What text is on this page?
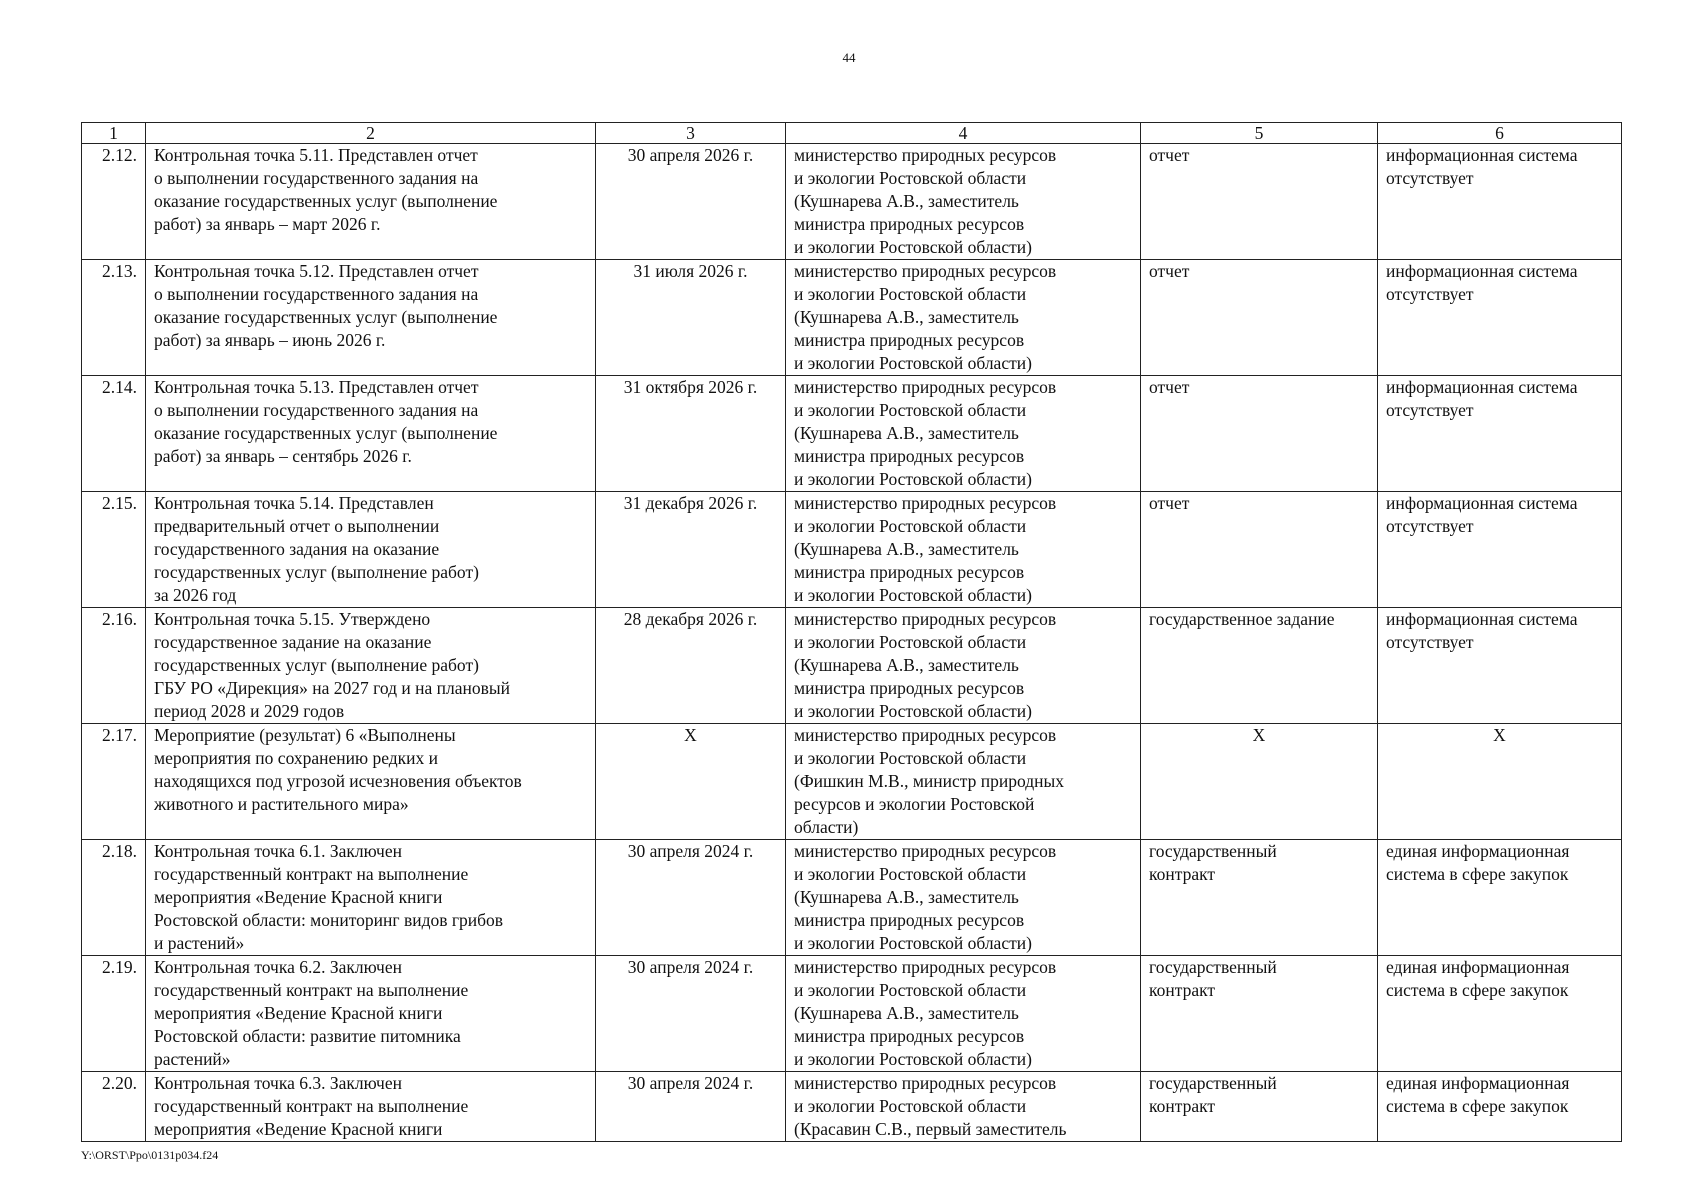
44
1	2	3	4	5	6
2.12.	Контрольная точка 5.11. Представлен отчет
о выполнении государственного задания на
оказание государственных услуг (выполнение
работ) за январь – март 2026 г.	30 апреля 2026 г.	министерство природных ресурсов
и экологии Ростовской области
(Кушнарева А.В., заместитель
министра природных ресурсов
и экологии Ростовской области)	отчет	информационная система
отсутствует
2.13.	Контрольная точка 5.12. Представлен отчет
о выполнении государственного задания на
оказание государственных услуг (выполнение
работ) за январь – июнь 2026 г.	31 июля 2026 г.	министерство природных ресурсов
и экологии Ростовской области
(Кушнарева А.В., заместитель
министра природных ресурсов
и экологии Ростовской области)	отчет	информационная система
отсутствует
2.14.	Контрольная точка 5.13. Представлен отчет
о выполнении государственного задания на
оказание государственных услуг (выполнение
работ) за январь – сентябрь 2026 г.	31 октября 2026 г.	министерство природных ресурсов
и экологии Ростовской области
(Кушнарева А.В., заместитель
министра природных ресурсов
и экологии Ростовской области)	отчет	информационная система
отсутствует
2.15.	Контрольная точка 5.14. Представлен
предварительный отчет о выполнении
государственного задания на оказание
государственных услуг (выполнение работ)
за 2026 год	31 декабря 2026 г.	министерство природных ресурсов
и экологии Ростовской области
(Кушнарева А.В., заместитель
министра природных ресурсов
и экологии Ростовской области)	отчет	информационная система
отсутствует
2.16.	Контрольная точка 5.15. Утверждено
государственное задание на оказание
государственных услуг (выполнение работ)
ГБУ РО «Дирекция» на 2027 год и на плановый
период 2028 и 2029 годов	28 декабря 2026 г.	министерство природных ресурсов
и экологии Ростовской области
(Кушнарева А.В., заместитель
министра природных ресурсов
и экологии Ростовской области)	государственное задание	информационная система
отсутствует
2.17.	Мероприятие (результат) 6 «Выполнены
мероприятия по сохранению редких и
находящихся под угрозой исчезновения объектов
животного и растительного мира»	X	министерство природных ресурсов
и экологии Ростовской области
(Фишкин М.В., министр природных
ресурсов и экологии Ростовской
области)	X	X
2.18.	Контрольная точка 6.1. Заключен
государственный контракт на выполнение
мероприятия «Ведение Красной книги
Ростовской области: мониторинг видов грибов
и растений»	30 апреля 2024 г.	министерство природных ресурсов
и экологии Ростовской области
(Кушнарева А.В., заместитель
министра природных ресурсов
и экологии Ростовской области)	государственный
контракт	единая информационная
система в сфере закупок
2.19.	Контрольная точка 6.2. Заключен
государственный контракт на выполнение
мероприятия «Ведение Красной книги
Ростовской области: развитие питомника
растений»	30 апреля 2024 г.	министерство природных ресурсов
и экологии Ростовской области
(Кушнарева А.В., заместитель
министра природных ресурсов
и экологии Ростовской области)	государственный
контракт	единая информационная
система в сфере закупок
2.20.	Контрольная точка 6.3. Заключен
государственный контракт на выполнение
мероприятия «Ведение Красной книги	30 апреля 2024 г.	министерство природных ресурсов
и экологии Ростовской области
(Красавин С.В., первый заместитель	государственный
контракт	единая информационная
система в сфере закупок
Y:\ORST\Ppo\0131p034.f24
